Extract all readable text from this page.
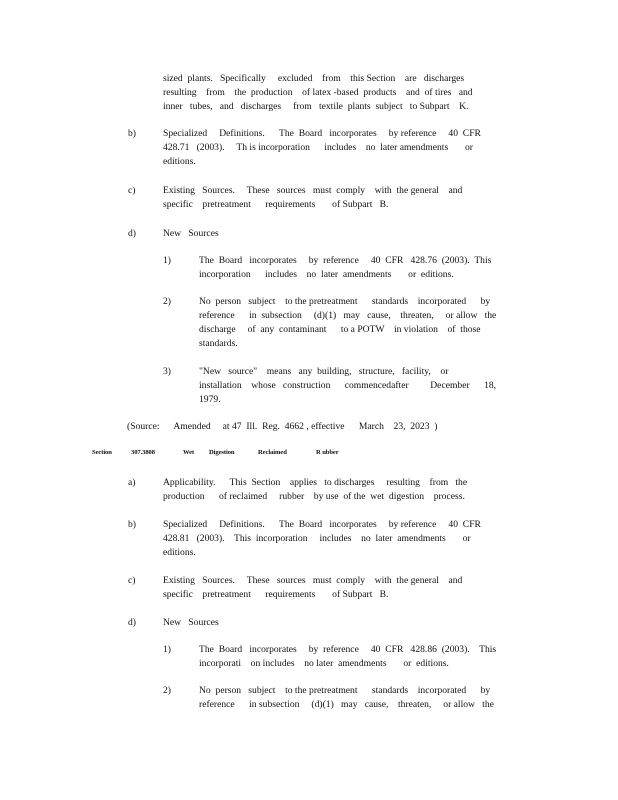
sized  plants.   Specifically     excluded    from    this Section    are   discharges
resulting    from    the  production    of latex -based  products    and  of tires   and
inner   tubes,   and   discharges     from   textile  plants  subject   to Subpart    K.
b)	Specialized     Definitions.      The  Board   incorporates     by reference     40  CFR
428.71   (2003).     Th is incorporation      includes    no  later amendments       or
editions.
c)	Existing   Sources.     These   sources   must  comply    with  the general    and
specific    pretreatment      requirements       of Subpart   B.
d)	New   Sources
1)	The  Board   incorporates     by  reference     40  CFR   428.76  (2003).  This
incorporation      includes    no  later  amendments       or  editions.
2)	No  person   subject    to the pretreatment      standards    incorporated      by
reference      in  subsection     (d)(1)   may   cause,    threaten,     or allow   the
discharge     of  any  contaminant      to a POTW    in violation    of  those
standards.
3)	"New   source"    means   any  building,   structure,   facility,    or
installation    whose   construction      commencedafter         December      18,
1979.
(Source:      Amended     at 47  Ill.  Reg.  4662 , effective      March    23,  2023  )
Section	307.3808	Wet Digestion	Reclaimed	R ubber
a)	Applicability.      This  Section    applies   to discharges     resulting    from   the
production      of reclaimed     rubber    by use  of the  wet  digestion    process.
b)	Specialized     Definitions.      The  Board   incorporates     by reference     40  CFR
428.81   (2003).    This  incorporation     includes    no  later  amendments       or
editions.
c)	Existing   Sources.     These   sources   must  comply    with  the general    and
specific    pretreatment      requirements       of Subpart   B.
d)	New   Sources
1)	The  Board   incorporates     by  reference     40  CFR   428.86  (2003).    This
incorporati    on includes    no later  amendments       or  editions.
2)	No  person   subject    to the pretreatment      standards    incorporated      by
reference      in subsection     (d)(1)   may   cause,    threaten,     or allow   the
